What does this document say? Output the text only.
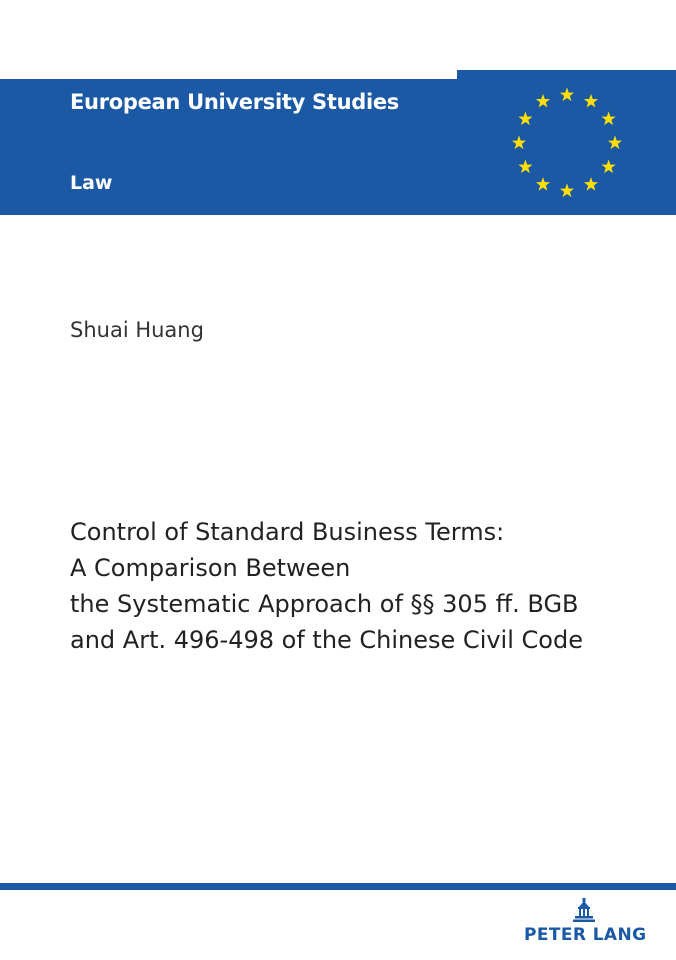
European University Studies
Law
Shuai Huang
Control of Standard Business Terms:
A Comparison Between
the Systematic Approach of §§ 305 ff. BGB
and Art. 496-498 of the Chinese Civil Code
PETER LANG
